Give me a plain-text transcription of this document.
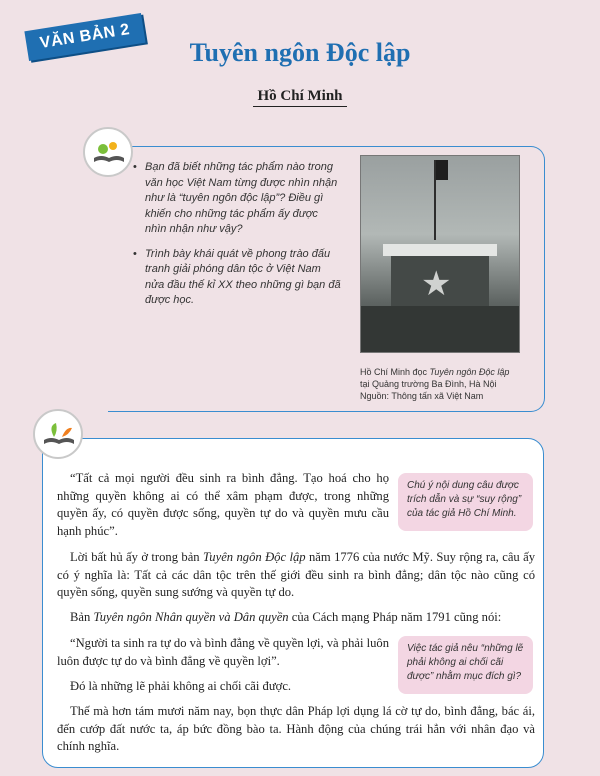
VĂN BẢN 2
Tuyên ngôn Độc lập
Hồ Chí Minh
• Bạn đã biết những tác phẩm nào trong văn học Việt Nam từng được nhìn nhận như là “tuyên ngôn độc lập”? Điều gì khiến cho những tác phẩm ấy được nhìn nhận như vậy?
• Trình bày khái quát về phong trào đấu tranh giải phóng dân tộc ở Việt Nam nửa đầu thế kỉ XX theo những gì bạn đã được học.	★
Hồ Chí Minh đọc Tuyên ngôn Độc lập
tại Quảng trường Ba Đình, Hà Nội
Nguồn: Thông tấn xã Việt Nam

“Tất cả mọi người đều sinh ra bình đẳng. Tạo hoá cho họ những quyền không ai có thể xâm phạm được, trong những quyền ấy, có quyền được sống, quyền tự do và quyền mưu cầu hạnh phúc”.

Chú ý nội dung câu được trích dẫn và sự “suy rộng” của tác giả Hồ Chí Minh.

Lời bất hủ ấy ở trong bản Tuyên ngôn Độc lập năm 1776 của nước Mỹ. Suy rộng ra, câu ấy có ý nghĩa là: Tất cả các dân tộc trên thế giới đều sinh ra bình đẳng; dân tộc nào cũng có quyền sống, quyền sung sướng và quyền tự do.

Bản Tuyên ngôn Nhân quyền và Dân quyền của Cách mạng Pháp năm 1791 cũng nói:

“Người ta sinh ra tự do và bình đẳng về quyền lợi, và phải luôn luôn được tự do và bình đẳng về quyền lợi”.

Việc tác giả nêu “những lẽ phải không ai chối cãi được” nhằm mục đích gì?

Đó là những lẽ phải không ai chối cãi được.

Thế mà hơn tám mươi năm nay, bọn thực dân Pháp lợi dụng lá cờ tự do, bình đẳng, bác ái, đến cướp đất nước ta, áp bức đồng bào ta. Hành động của chúng trái hẳn với nhân đạo và chính nghĩa.
